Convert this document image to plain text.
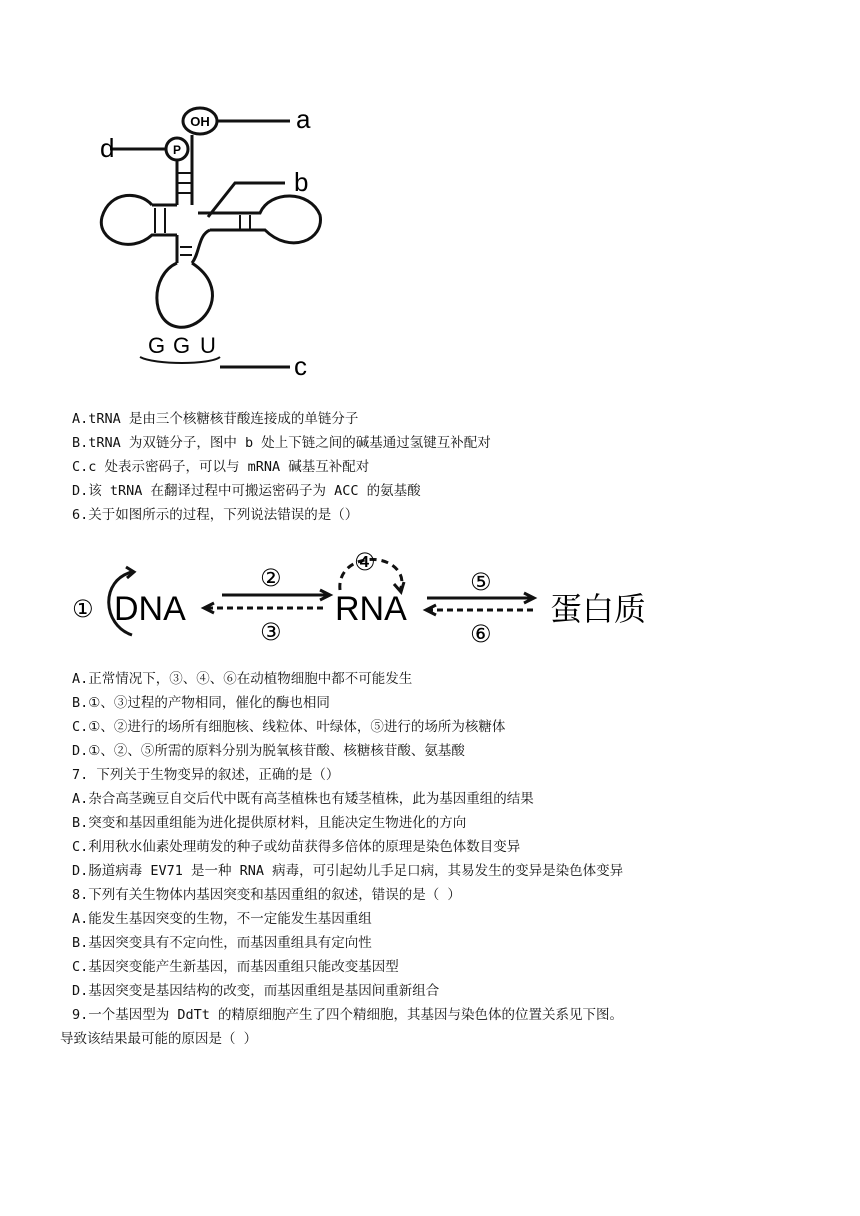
OH
P
a
d
b
c
G G U
A.tRNA 是由三个核糖核苷酸连接成的单链分子
B.tRNA 为双链分子，图中 b 处上下链之间的碱基通过氢键互补配对
C.c 处表示密码子，可以与 mRNA 碱基互补配对
D.该 tRNA 在翻译过程中可搬运密码子为 ACC 的氨基酸
6.关于如图所示的过程，下列说法错误的是（）
① DNA
②
③
④
RNA
⑤
⑥
蛋白质
A.正常情况下，③、④、⑥在动植物细胞中都不可能发生
B.①、③过程的产物相同，催化的酶也相同
C.①、②进行的场所有细胞核、线粒体、叶绿体，⑤进行的场所为核糖体
D.①、②、⑤所需的原料分别为脱氧核苷酸、核糖核苷酸、氨基酸
7. 下列关于生物变异的叙述，正确的是（）
A.杂合高茎豌豆自交后代中既有高茎植株也有矮茎植株，此为基因重组的结果
B.突变和基因重组能为进化提供原材料，且能决定生物进化的方向
C.利用秋水仙素处理萌发的种子或幼苗获得多倍体的原理是染色体数目变异
D.肠道病毒 EV71 是一种 RNA 病毒，可引起幼儿手足口病，其易发生的变异是染色体变异
8.下列有关生物体内基因突变和基因重组的叙述，错误的是（ ）
A.能发生基因突变的生物，不一定能发生基因重组
B.基因突变具有不定向性，而基因重组具有定向性
C.基因突变能产生新基因，而基因重组只能改变基因型
D.基因突变是基因结构的改变，而基因重组是基因间重新组合
9.一个基因型为 DdTt 的精原细胞产生了四个精细胞，其基因与染色体的位置关系见下图。
导致该结果最可能的原因是（ ）
